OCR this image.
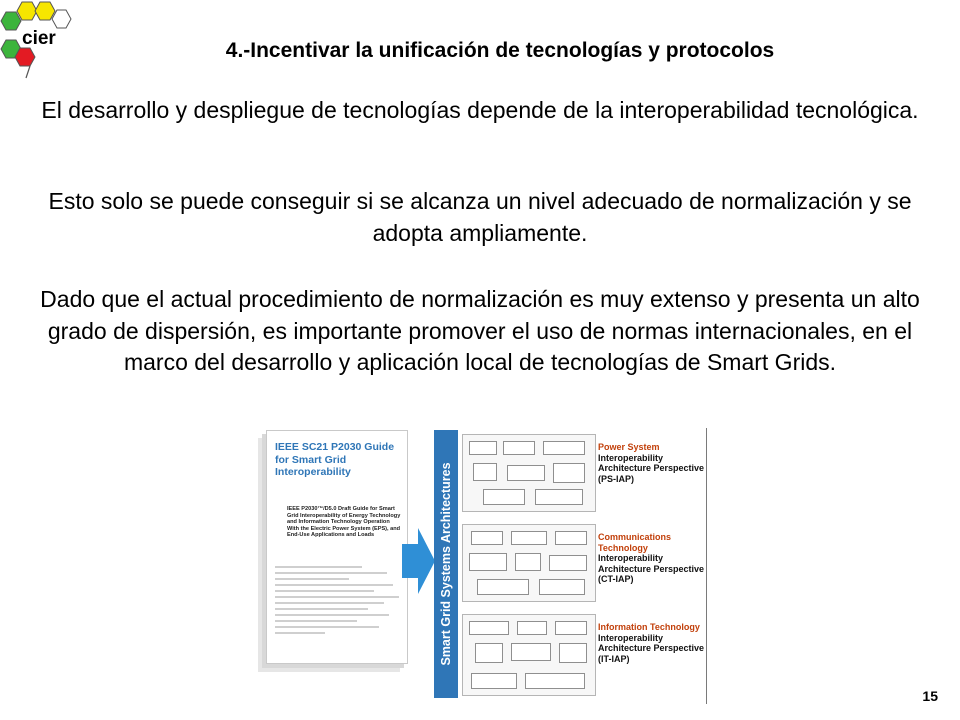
cier
4.-Incentivar la unificación de tecnologías y protocolos

El desarrollo y despliegue de tecnologías depende de la interoperabilidad tecnológica.

Esto solo se puede conseguir si se alcanza un nivel adecuado de normalización y se adopta ampliamente.

Dado que el actual procedimiento de normalización es muy extenso y presenta un alto grado de dispersión, es importante promover el uso de normas internacionales, en el marco del desarrollo y aplicación local de tecnologías de Smart Grids.

IEEE SC21 P2030 Guide for Smart Grid Interoperability

IEEE P2030™/D5.0 Draft Guide for Smart Grid Interoperability of Energy Technology and Information Technology Operation With the Electric Power System (EPS), and End-Use Applications and Loads	Smart Grid Systems Architectures

Power System
Interoperability Architecture Perspective (PS-IAP)

Communications Technology
Interoperability Architecture Perspective (CT-IAP)

Information Technology
Interoperability Architecture Perspective (IT-IAP)

15
